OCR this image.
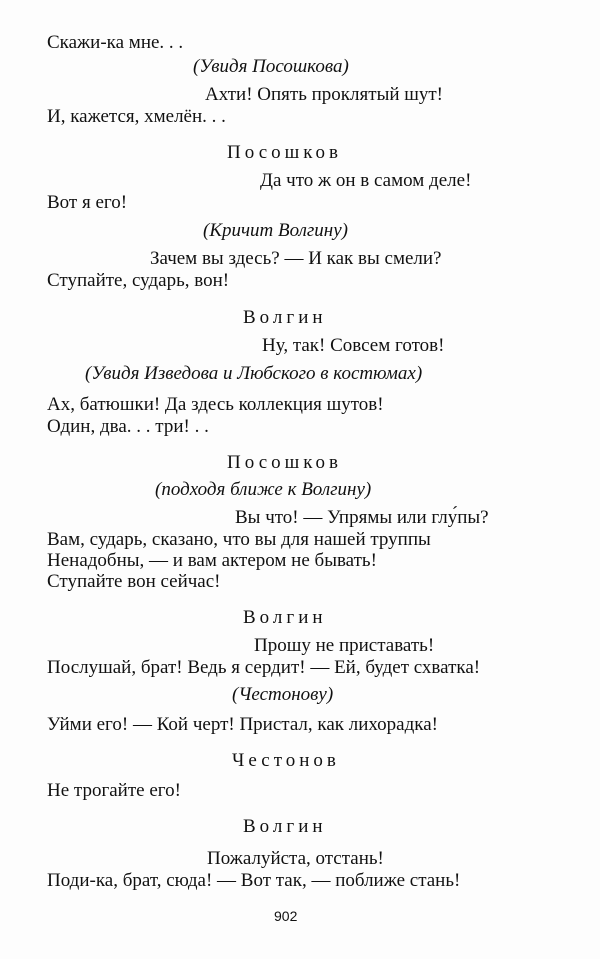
Скажи-ка мне. . .
(Увидя Посошкова)
Ахти! Опять проклятый шут!
И, кажется, хмелён. . .
Посошков
Да что ж он в самом деле!
Вот я его!
(Кричит Волгину)
Зачем вы здесь? — И как вы смели?
Ступайте, сударь, вон!
Волгин
Ну, так! Совсем готов!
(Увидя Изведова и Любского в костюмах)
Ах, батюшки! Да здесь коллекция шутов!
Один, два. . . три! . .
Посошков
(подходя ближе к Волгину)
Вы что! — Упрямы или глу́пы?
Вам, сударь, сказано, что вы для нашей труппы
Ненадобны, — и вам актером не бывать!
Ступайте вон сейчас!
Волгин
Прошу не приставать!
Послушай, брат! Ведь я сердит! — Ей, будет схватка!
(Честонову)
Уйми его! — Кой черт! Пристал, как лихорадка!
Честонов
Не трогайте его!
Волгин
Пожалуйста, отстань!
Поди-ка, брат, сюда! — Вот так, — поближе стань!
902
